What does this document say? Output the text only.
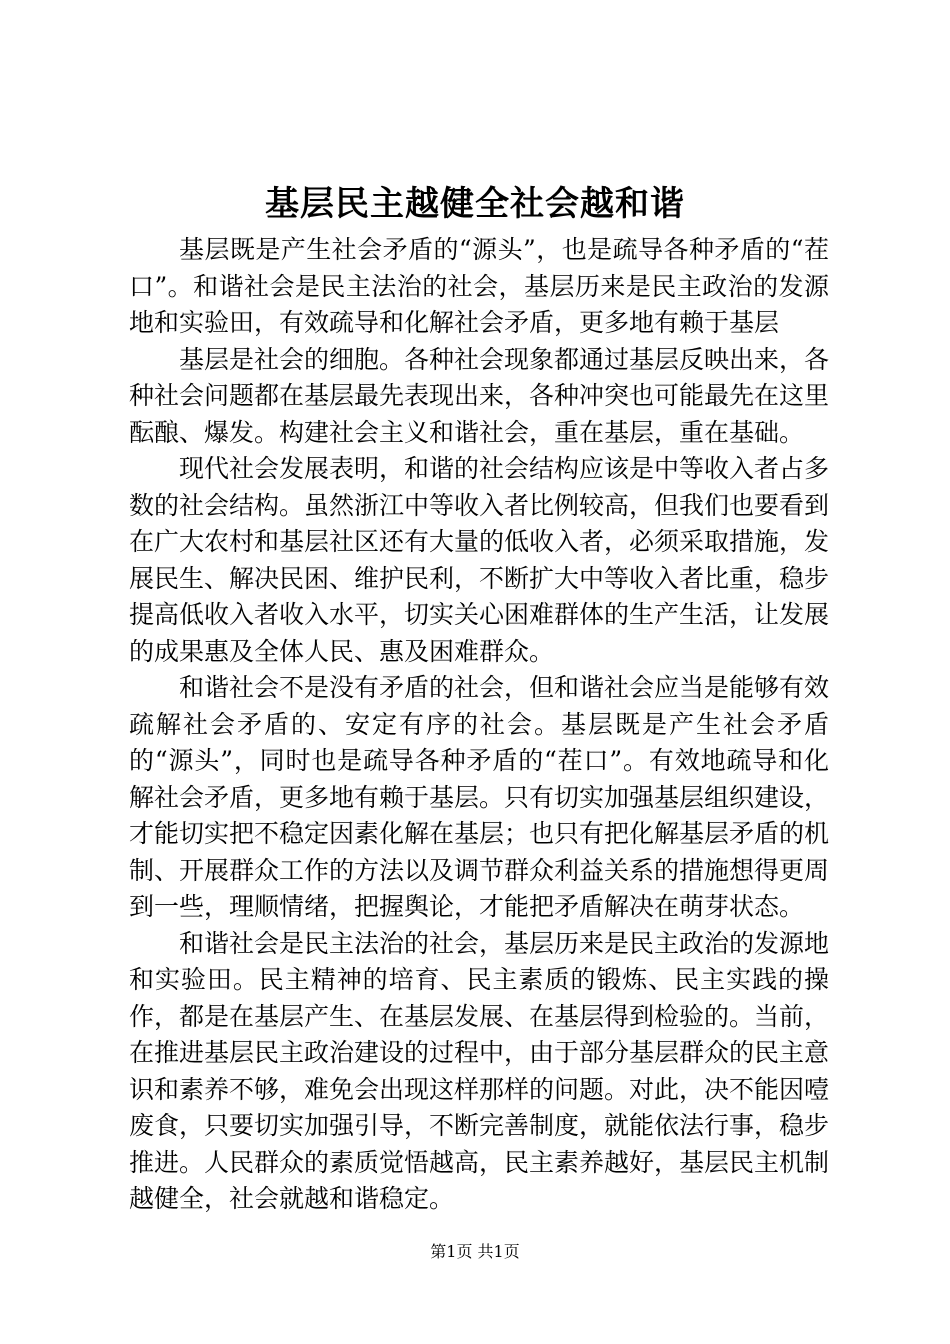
基层民主越健全社会越和谐

基层既是产生社会矛盾的“源头”，也是疏导各种矛盾的“茬口”。和谐社会是民主法治的社会，基层历来是民主政治的发源地和实验田，有效疏导和化解社会矛盾，更多地有赖于基层

基层是社会的细胞。各种社会现象都通过基层反映出来，各种社会问题都在基层最先表现出来，各种冲突也可能最先在这里酝酿、爆发。构建社会主义和谐社会，重在基层，重在基础。

现代社会发展表明，和谐的社会结构应该是中等收入者占多数的社会结构。虽然浙江中等收入者比例较高，但我们也要看到在广大农村和基层社区还有大量的低收入者，必须采取措施，发展民生、解决民困、维护民利，不断扩大中等收入者比重，稳步提高低收入者收入水平，切实关心困难群体的生产生活，让发展的成果惠及全体人民、惠及困难群众。

和谐社会不是没有矛盾的社会，但和谐社会应当是能够有效疏解社会矛盾的、安定有序的社会。基层既是产生社会矛盾的“源头”，同时也是疏导各种矛盾的“茬口”。有效地疏导和化解社会矛盾，更多地有赖于基层。只有切实加强基层组织建设，才能切实把不稳定因素化解在基层；也只有把化解基层矛盾的机制、开展群众工作的方法以及调节群众利益关系的措施想得更周到一些，理顺情绪，把握舆论，才能把矛盾解决在萌芽状态。

和谐社会是民主法治的社会，基层历来是民主政治的发源地和实验田。民主精神的培育、民主素质的锻炼、民主实践的操作，都是在基层产生、在基层发展、在基层得到检验的。当前，在推进基层民主政治建设的过程中，由于部分基层群众的民主意识和素养不够，难免会出现这样那样的问题。对此，决不能因噎废食，只要切实加强引导，不断完善制度，就能依法行事，稳步推进。人民群众的素质觉悟越高，民主素养越好，基层民主机制越健全，社会就越和谐稳定。

第1页 共1页
